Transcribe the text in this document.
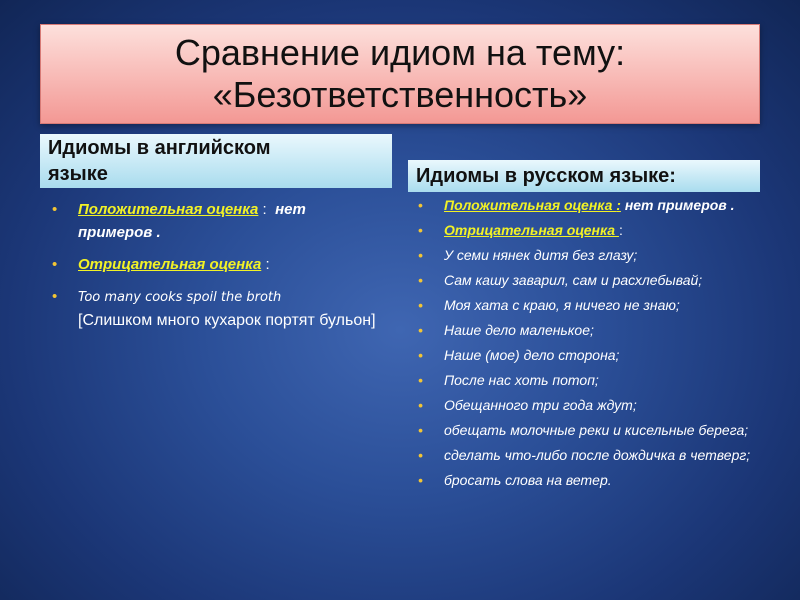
Сравнение идиом на тему:
«Безответственность»
Идиомы в английском
языке	Идиомы в русском языке:
• Положительная оценка : нет примеров .
• Отрицательная оценка :
• Too many cooks spoil the broth
[Слишком много кухарок портят бульон]
• Положительная оценка : нет примеров .
• Отрицательная оценка :
• У семи нянек дитя без глазу;
• Сам кашу заварил, сам и расхлебывай;
• Моя хата с краю, я ничего не знаю;
• Наше дело маленькое;
• Наше (мое) дело сторона;
• После нас хоть потоп;
• Обещанного три года ждут;
• обещать молочные реки и кисельные берега;
• сделать что-либо после дождичка в четверг;
• бросать слова на ветер.
